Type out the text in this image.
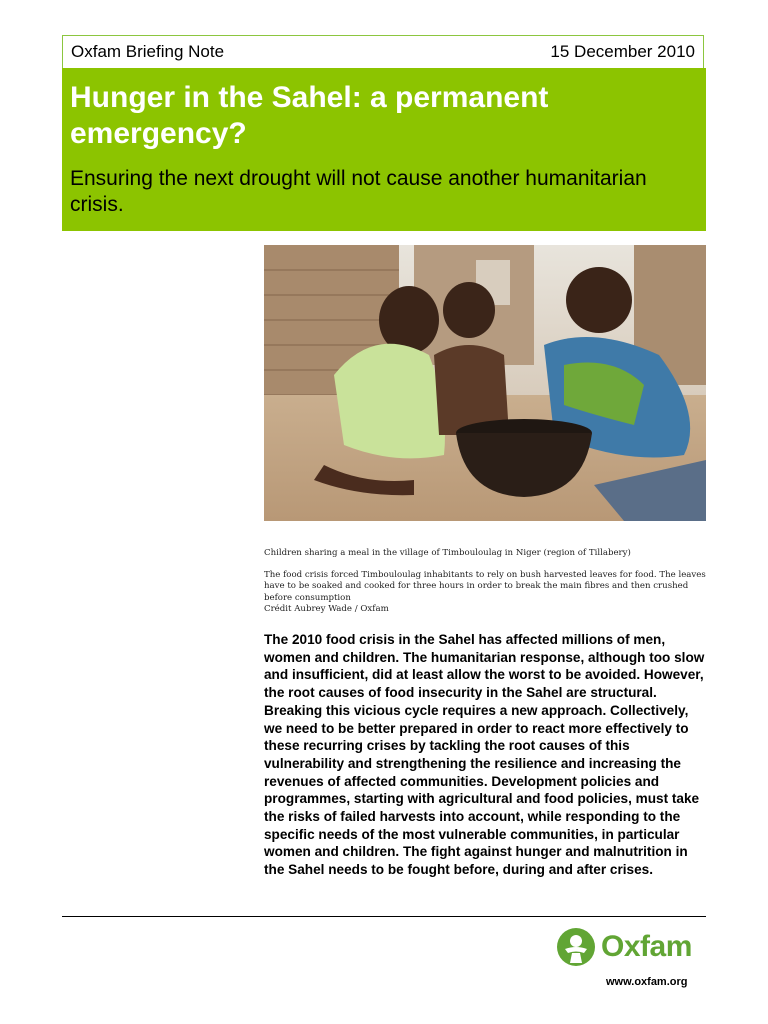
Oxfam Briefing Note	15 December 2010
Hunger in the Sahel: a permanent emergency?
Ensuring the next drought will not cause another humanitarian crisis.

Children sharing a meal in the village of Timbouloulag in Niger (region of Tillabery)

The food crisis forced Timbouloulag inhabitants to rely on bush harvested leaves for food. The leaves have to be soaked and cooked for three hours in order to break the main fibres and then crushed before consumption

Crédit Aubrey Wade / Oxfam

The 2010 food crisis in the Sahel has affected millions of men, women and children. The humanitarian response, although too slow and insufficient, did at least allow the worst to be avoided. However, the root causes of food insecurity in the Sahel are structural. Breaking this vicious cycle requires a new approach. Collectively, we need to be better prepared in order to react more effectively to these recurring crises by tackling the root causes of this vulnerability and strengthening the resilience and increasing the revenues of affected communities. Development policies and programmes, starting with agricultural and food policies, must take the risks of failed harvests into account, while responding to the specific needs of the most vulnerable communities, in particular women and children. The fight against hunger and malnutrition in the Sahel needs to be fought before, during and after crises.

Oxfam
www.oxfam.org
